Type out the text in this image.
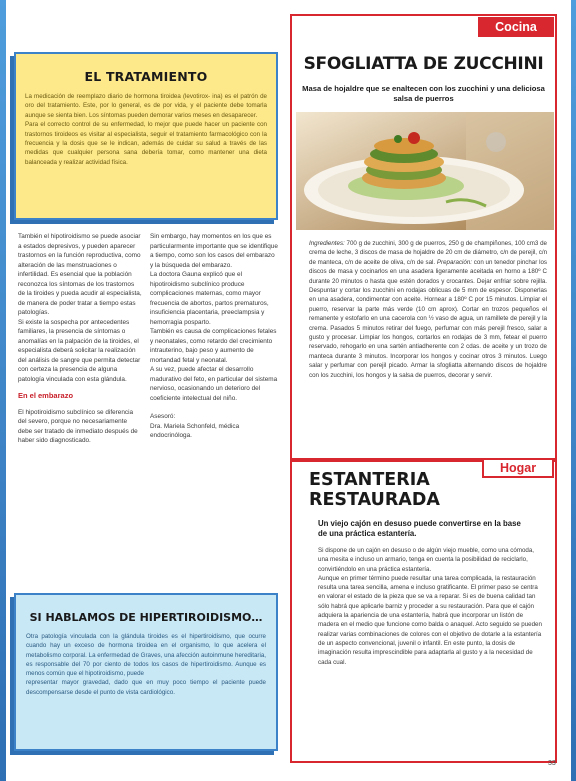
EL TRATAMIENTO

La medicación de reemplazo diario de hormona tiroidea (levotirox- ina) es el patrón de oro del tratamiento. Este, por lo general, es de por vida, y el paciente debe tomarla aunque se sienta bien. Los síntomas pueden demorar varios meses en desaparecer.

Para el correcto control de su enfermedad, lo mejor que puede hacer un paciente con trastornos tiroideos es visitar al especialista, seguir el tratamiento farmacológico con la frecuencia y la dosis que se le indican, además de cuidar su salud a través de las medidas que cualquier persona sana debería tomar, como mantener una dieta balanceada y realizar actividad física.

También el hipotiroidismo se puede asociar a estados depresivos, y pueden aparecer trastornos en la función reproductiva, como alteración de las menstruaciones o infertilidad. Es esencial que la población reconozca los síntomas de los trastornos de la tiroides y pueda acudir al especialista, de manera de poder tratar a tiempo estas patologías.

Si existe la sospecha por antecedentes familiares, la presencia de síntomas o anomalías en la palpación de la tiroides, el especialista deberá solicitar la realización del análisis de sangre que permita detectar con certeza la presencia de alguna patología vinculada con esta glándula.

En el embarazo

El hipotiroidismo subclínico se diferencia del severo, porque no necesariamente debe ser tratado de inmediato después de haber sido diagnosticado.

Sin embargo, hay momentos en los que es particularmente importante que se identifique a tiempo, como son los casos del embarazo y la búsqueda del embarazo.

La doctora Gauna explicó que el hipotiroidismo subclínico produce complicaciones maternas, como mayor frecuencia de abortos, partos prematuros, insuficiencia placentaria, preeclampsia y hemorragia posparto.

También es causa de complicaciones fetales y neonatales, como retardo del crecimiento intrauterino, bajo peso y aumento de mortandad fetal y neonatal.

A su vez, puede afectar el desarrollo madurativo del feto, en particular del sistema nervioso, ocasionando un deterioro del coeficiente intelectual del niño.

Asesoró:

Dra. Mariela Schonfeld, médica endocrinóloga.

SI HABLAMOS DE HIPERTIROIDISMO…

Otra patología vinculada con la glándula tiroides es el hipertiroidismo, que ocurre cuando hay un exceso de hormona tiroidea en el organismo, lo que acelera el metabolismo corporal. La enfermedad de Graves, una afección autoinmune hereditaria, es responsable del 70 por ciento de todos los casos de hipertiroidismo. Aunque es menos común que el hipotiroidismo, puede

representar mayor gravedad, dado que en muy poco tiempo el paciente puede descompensarse desde el punto de vista cardiológico.

Cocina
SFOGLIATTA DE ZUCCHINI
Masa de hojaldre que se enaltecen con los zucchini y una deliciosa salsa de puerros
Ingredientes: 700 g de zucchini, 300 g de puerros, 250 g de champiñones, 100 cm3 de crema de leche, 3 discos de masa de hojaldre de 20 cm de diámetro, c/n de perejil, c/n de manteca, c/n de aceite de oliva, c/n de sal. Preparación: con un tenedor pinchar los discos de masa y cocinarlos en una asadera ligeramente aceitada en horno a 180º C durante 20 minutos o hasta que estén dorados y crocantes. Dejar enfriar sobre rejilla. Despuntar y cortar los zucchini en rodajas oblicuas de 5 mm de espesor. Disponerlas en una asadera, condimentar con aceite. Hornear a 180º C por 15 minutos. Limpiar el puerro, reservar la parte más verde (10 cm aprox). Cortar en trozos pequeños el remanente y estofarlo en una cacerola con ½ vaso de agua, un ramillete de perejil y la crema. Pasados 5 minutos retirar del fuego, perfumar con más perejil fresco, salar a gusto y procesar. Limpiar los hongos, cortarlos en rodajas de 3 mm, fetear el puerro reservado, rehogarlo en una sartén antiadherente con 2 cdas. de aceite y un trozo de manteca durante 3 minutos. Incorporar los hongos y cocinar otros 3 minutos. Luego salar y perfumar con perejil picado. Armar la sfogliatta alternando discos de hojaldre con los zucchini, los hongos y la salsa de puerros, decorar y servir.
Hogar
ESTANTERIA
RESTAURADA
Un viejo cajón en desuso puede convertirse en la base de una práctica estantería.

Si dispone de un cajón en desuso o de algún viejo mueble, como una cómoda, una mesita e incluso un armario, tenga en cuenta la posibilidad de reciclarlo, convirtiéndolo en una práctica estantería.

Aunque en primer término puede resultar una tarea complicada, la restauración resulta una tarea sencilla, amena e incluso gratificante. El primer paso se centra en valorar el estado de la pieza que se va a reparar. Si es de buena calidad tan sólo habrá que aplicarle barniz y proceder a su restauración. Para que el cajón adquiera la apariencia de una estantería, habrá que incorporar un listón de madera en el medio que funcione como balda o anaquel. Acto seguido se pueden realizar varias combinaciones de colores con el objetivo de dotarle a la estantería de un aspecto convencional, juvenil o infantil. En este punto, la dosis de imaginación resulta imprescindible para adaptarla al gusto y a la necesidad de cada cual.

33
